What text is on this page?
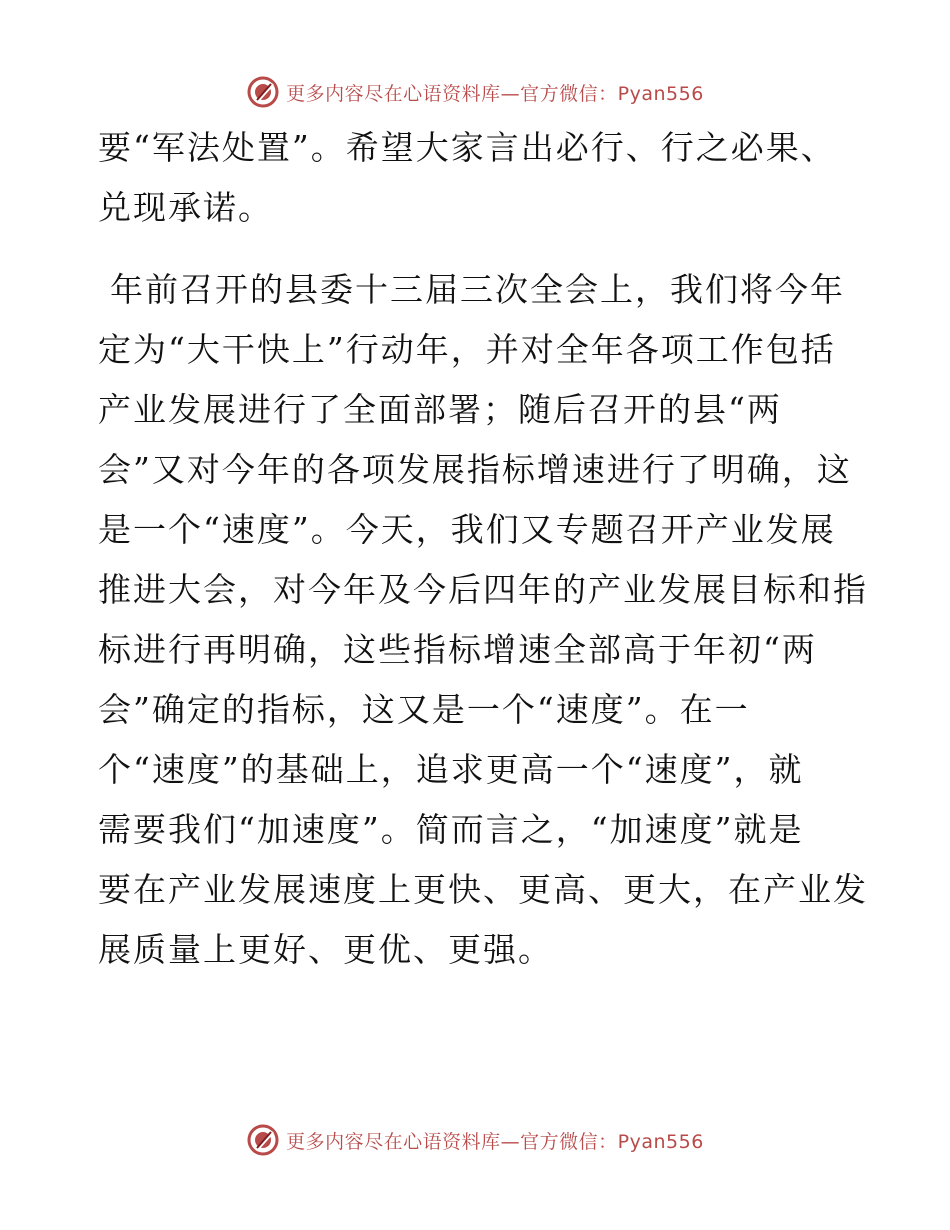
更多内容尽在心语资料库—官方微信：Pyan556

要“军法处置”。希望大家言出必行、行之必果、
兑现承诺。

年前召开的县委十三届三次全会上，我们将今年
定为“大干快上”行动年，并对全年各项工作包括
产业发展进行了全面部署；随后召开的县“两
会”又对今年的各项发展指标增速进行了明确，这
是一个“速度”。今天，我们又专题召开产业发展
推进大会，对今年及今后四年的产业发展目标和指
标进行再明确，这些指标增速全部高于年初“两
会”确定的指标，这又是一个“速度”。在一
个“速度”的基础上，追求更高一个“速度”，就
需要我们“加速度”。简而言之，“加速度”就是
要在产业发展速度上更快、更高、更大，在产业发
展质量上更好、更优、更强。

更多内容尽在心语资料库—官方微信：Pyan556
